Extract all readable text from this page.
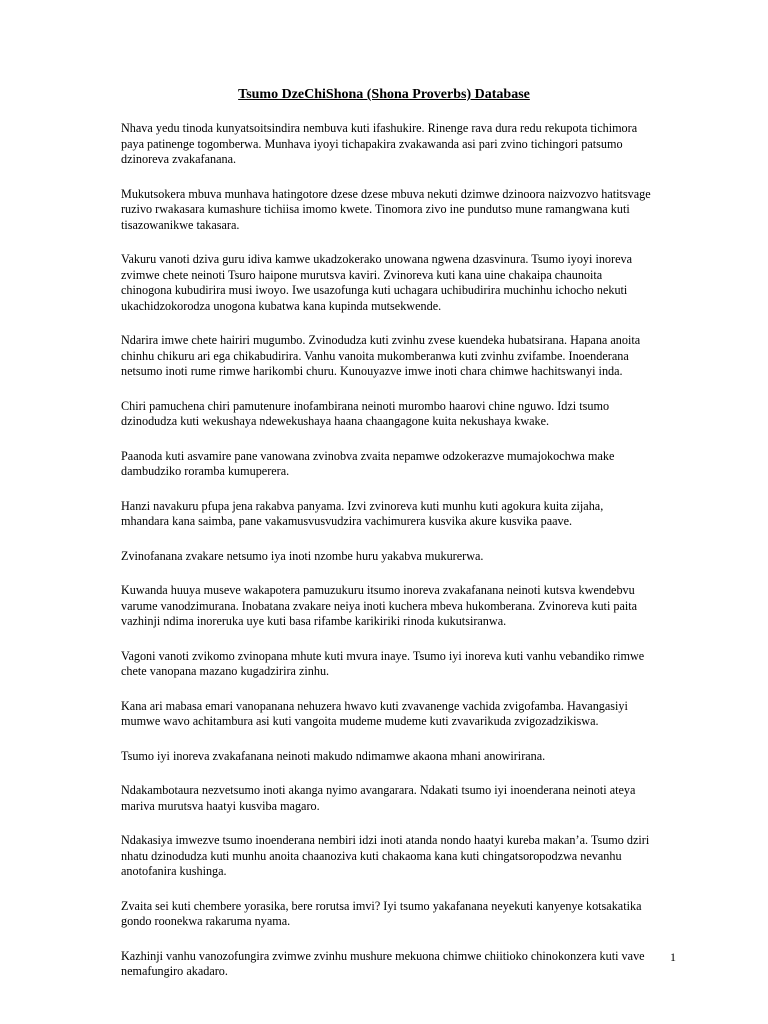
Tsumo DzeChiShona (Shona Proverbs) Database

Nhava yedu tinoda kunyatsoitsindira nembuva kuti ifashukire. Rinenge rava dura redu rekupota tichimora paya patinenge togomberwa. Munhava iyoyi tichapakira zvakawanda asi pari zvino tichingori patsumo dzinoreva zvakafanana.

Mukutsokera mbuva munhava hatingotore dzese dzese mbuva nekuti dzimwe dzinoora naizvozvo hatitsvage ruzivo rwakasara kumashure tichiisa imomo kwete. Tinomora zivo ine pundutso mune ramangwana kuti tisazowanikwe takasara.

Vakuru vanoti dziva guru idiva kamwe ukadzokerako unowana ngwena dzasvinura. Tsumo iyoyi inoreva zvimwe chete neinoti Tsuro haipone murutsva kaviri. Zvinoreva kuti kana uine chakaipa chaunoita chinogona kubudirira musi iwoyo. Iwe usazofunga kuti uchagara uchibudirira muchinhu ichocho nekuti ukachidzokorodza unogona kubatwa kana kupinda mutsekwende.

Ndarira imwe chete hairiri mugumbo. Zvinodudza kuti zvinhu zvese kuendeka hubatsirana. Hapana anoita chinhu chikuru ari ega chikabudirira. Vanhu vanoita mukomberanwa kuti zvinhu zvifambe. Inoenderana netsumo inoti rume rimwe harikombi churu. Kunouyazve imwe inoti chara chimwe hachitswanyi inda.

Chiri pamuchena chiri pamutenure inofambirana neinoti murombo haarovi chine nguwo. Idzi tsumo dzinodudza kuti wekushaya ndewekushaya haana chaangagone kuita nekushaya kwake.

Paanoda kuti asvamire pane vanowana zvinobva zvaita nepamwe odzokerazve mumajokochwa make dambudziko roramba kumuperera.

Hanzi navakuru pfupa jena rakabva panyama. Izvi zvinoreva kuti munhu kuti agokura kuita zijaha, mhandara kana saimba, pane vakamusvusvudzira vachimurera kusvika akure kusvika paave.

Zvinofanana zvakare netsumo iya inoti nzombe huru yakabva mukurerwa.

Kuwanda huuya museve wakapotera pamuzukuru itsumo inoreva zvakafanana neinoti kutsva kwendebvu varume vanodzimurana. Inobatana zvakare neiya inoti kuchera mbeva hukomberana. Zvinoreva kuti paita vazhinji ndima inoreruka uye kuti basa rifambe karikiriki rinoda kukutsiranwa.

Vagoni vanoti zvikomo zvinopana mhute kuti mvura inaye. Tsumo iyi inoreva kuti vanhu vebandiko rimwe chete vanopana mazano kugadzirira zinhu.

Kana ari mabasa emari vanopanana nehuzera hwavo kuti zvavanenge vachida zvigofamba. Havangasiyi mumwe wavo achitambura asi kuti vangoita mudeme mudeme kuti zvavarikuda zvigozadzikiswa.

Tsumo iyi inoreva zvakafanana neinoti makudo ndimamwe akaona mhani anowirirana.

Ndakambotaura nezvetsumo inoti akanga nyimo avangarara. Ndakati tsumo iyi inoenderana neinoti ateya mariva murutsva haatyi kusviba magaro.

Ndakasiya imwezve tsumo inoenderana nembiri idzi inoti atanda nondo haatyi kureba makan’a. Tsumo dziri nhatu dzinodudza kuti munhu anoita chaanoziva kuti chakaoma kana kuti chingatsoropodzwa nevanhu anotofanira kushinga.

Zvaita sei kuti chembere yorasika, bere rorutsa imvi? Iyi tsumo yakafanana neyekuti kanyenye kotsakatika gondo roonekwa rakaruma nyama.

Kazhinji vanhu vanozofungira zvimwe zvinhu mushure mekuona chimwe chiitioko chinokonzera kuti vave nemafungiro akadaro.

1
